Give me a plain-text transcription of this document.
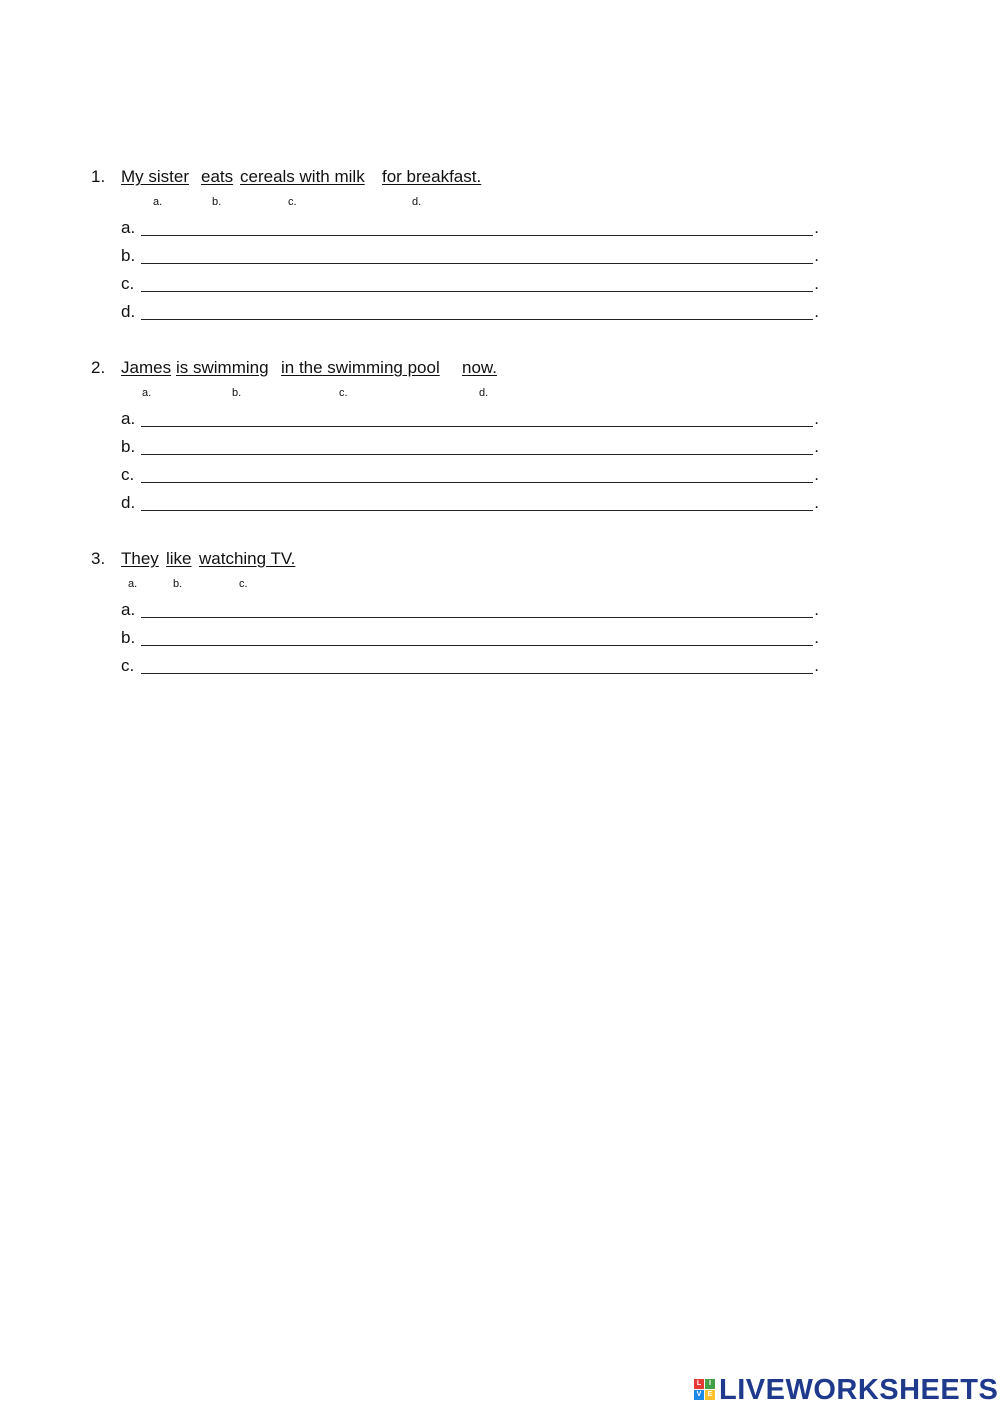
1. My sister eats cereals with milk for breakfast.
a.	b.	c.	d.
a.	.
b.	.
c.	.
d.	.
2. James is swimming in the swimming pool now.
a.	b.	c.	d.
a.	.
b.	.
c.	.
d.	.
3. They like watching TV.
a.	b.	c.
a.	.
b.	.
c.	.
L	I
V E LIVEWORKSHEETS
